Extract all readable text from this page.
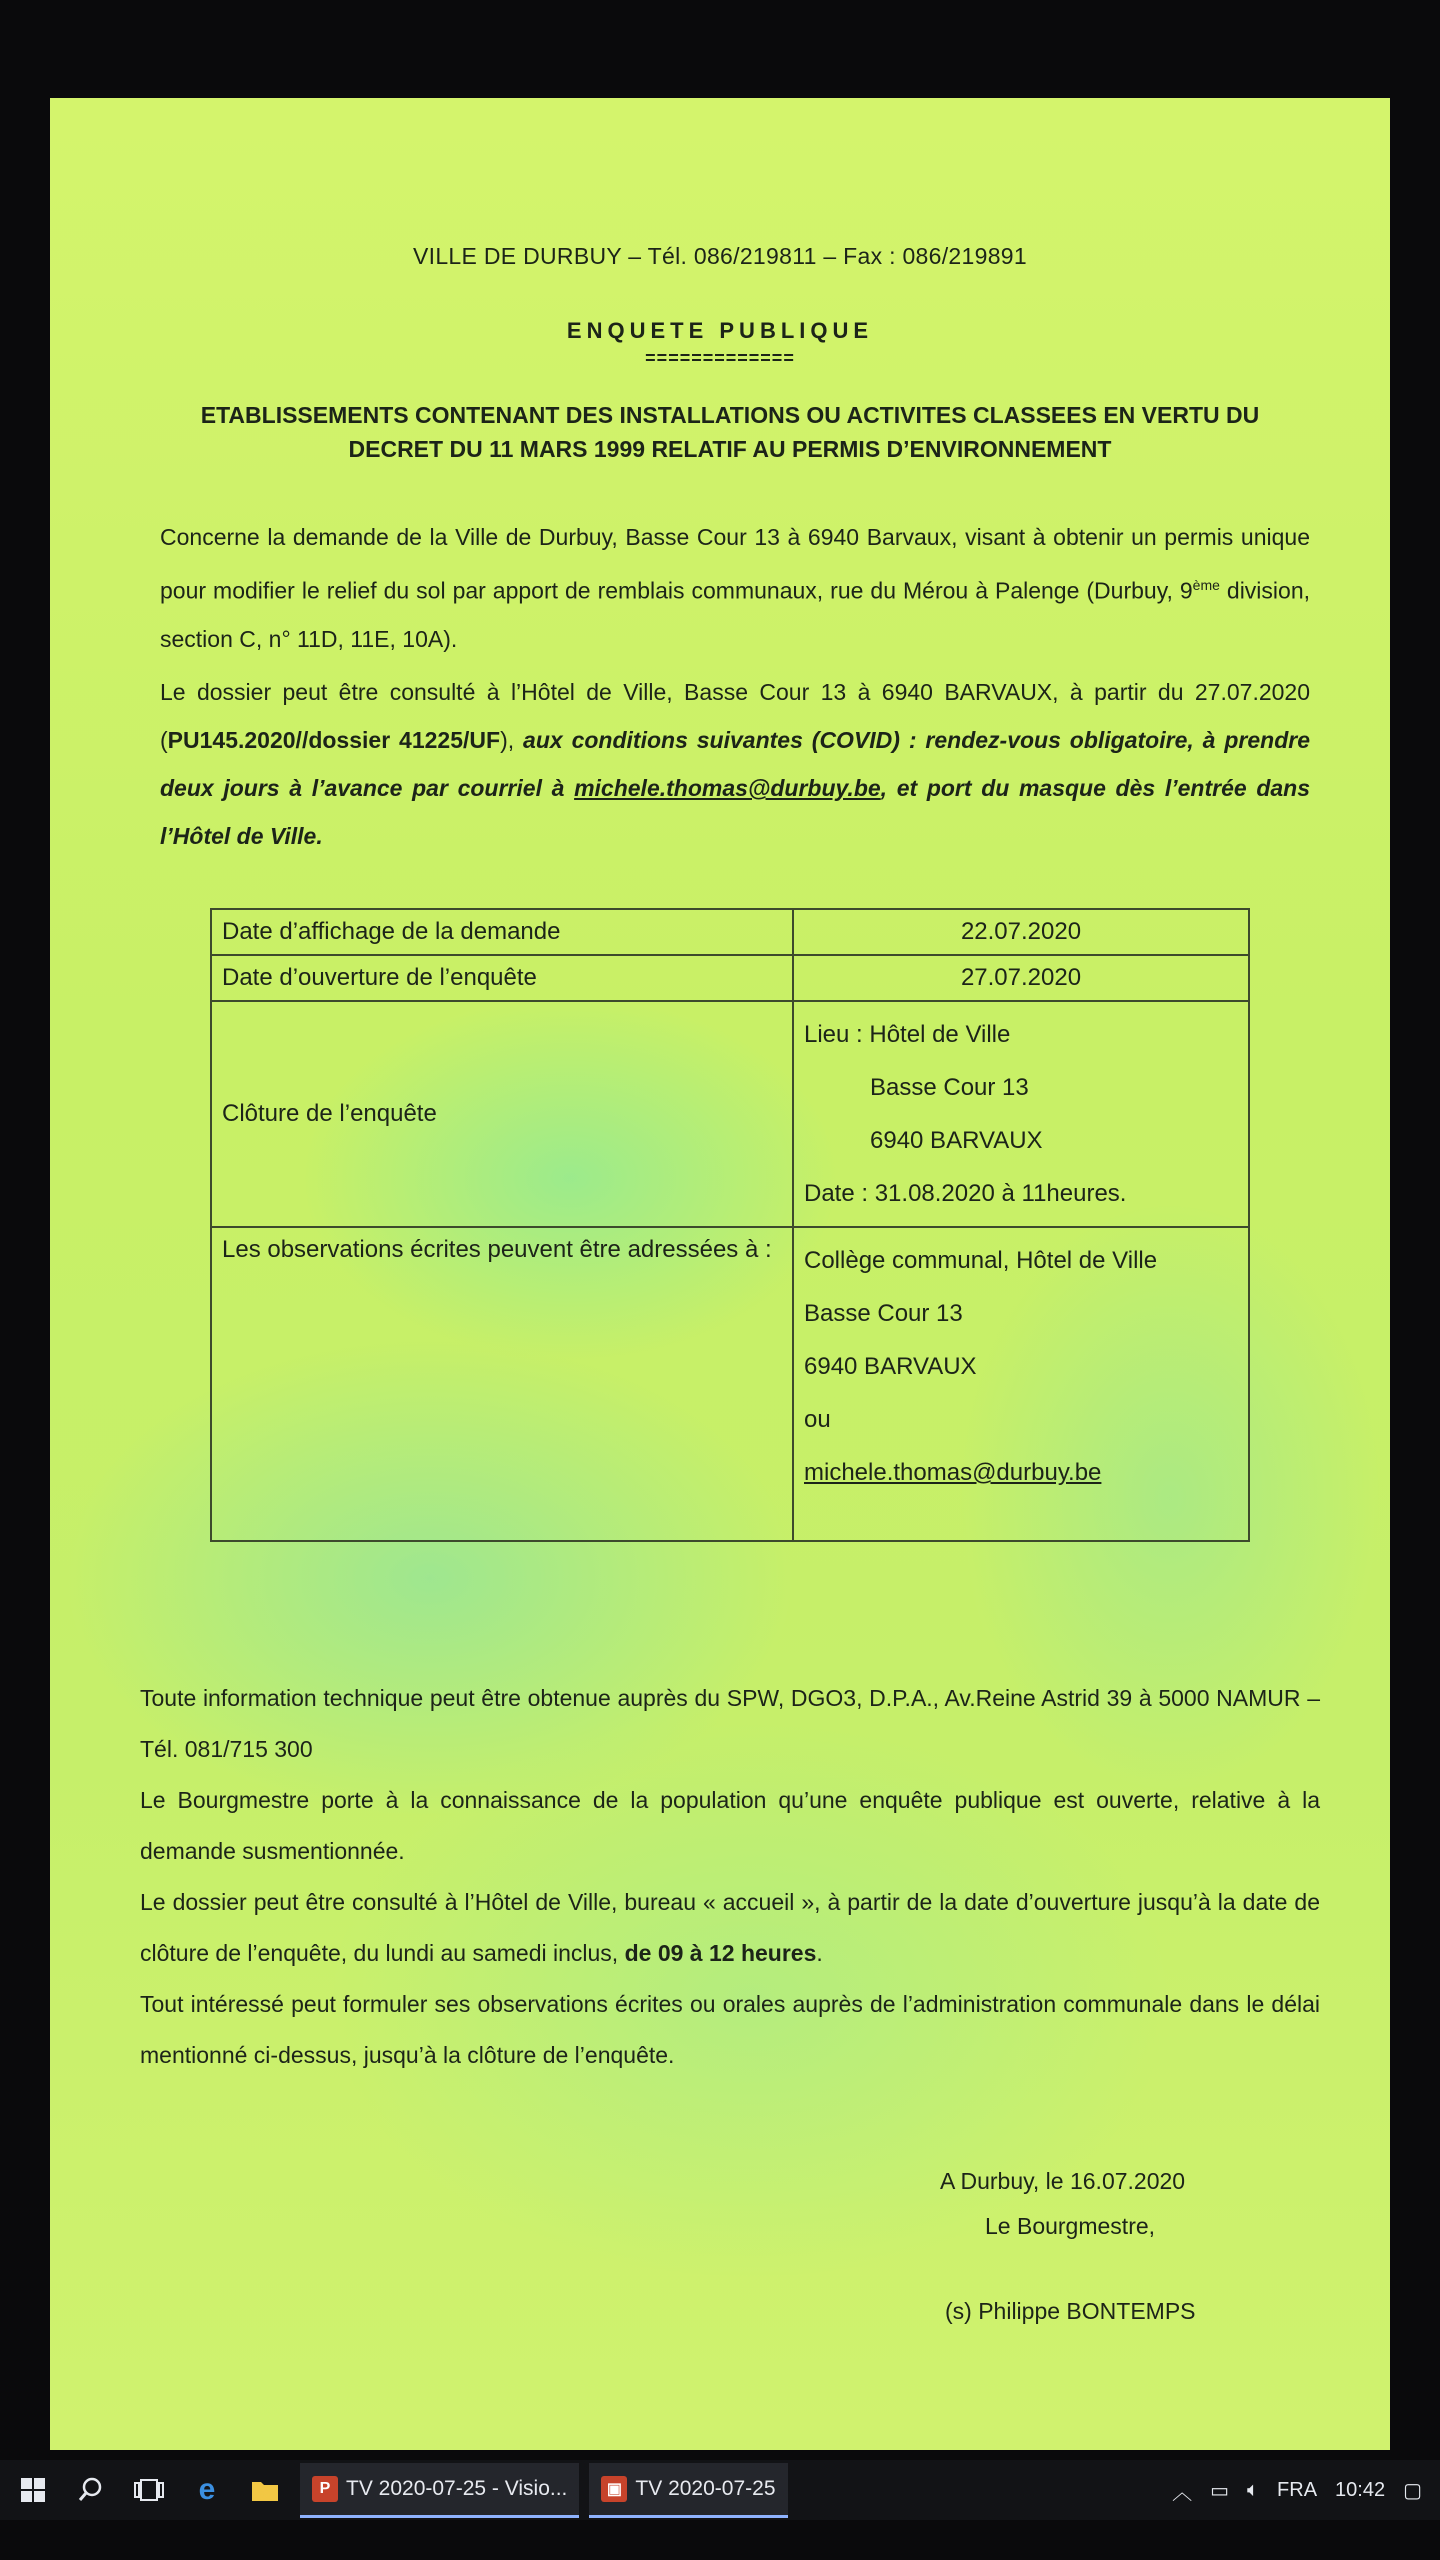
VILLE DE DURBUY – Tél. 086/219811 – Fax : 086/219891
ENQUETE PUBLIQUE
=============
ETABLISSEMENTS CONTENANT DES INSTALLATIONS OU ACTIVITES CLASSEES EN VERTU DU
DECRET DU 11 MARS 1999 RELATIF AU PERMIS D’ENVIRONNEMENT
Concerne la demande de la Ville de Durbuy, Basse Cour 13 à 6940 Barvaux, visant à obtenir un permis unique pour modifier le relief du sol par apport de remblais communaux, rue du Mérou à Palenge (Durbuy, 9ème division, section C, n° 11D, 11E, 10A).
Le dossier peut être consulté à l’Hôtel de Ville, Basse Cour 13 à 6940 BARVAUX, à partir du 27.07.2020 (PU145.2020//dossier 41225/UF), aux conditions suivantes (COVID) : rendez-vous obligatoire, à prendre deux jours à l’avance par courriel à michele.thomas@durbuy.be, et port du masque dès l’entrée dans l’Hôtel de Ville.
Date d’affichage de la demande	22.07.2020
Date d’ouverture de l’enquête	27.07.2020
Clôture de l’enquête	Lieu : Hôtel de Ville
Basse Cour 13
6940 BARVAUX
Date : 31.08.2020 à 11heures.

Les observations écrites peuvent être adressées à :	Collège communal, Hôtel de Ville
Basse Cour 13
6940 BARVAUX
ou
michele.thomas@durbuy.be
Toute information technique peut être obtenue auprès du SPW, DGO3, D.P.A., Av.Reine Astrid 39 à 5000 NAMUR – Tél. 081/715 300
Le Bourgmestre porte à la connaissance de la population qu’une enquête publique est ouverte, relative à la demande susmentionnée.
Le dossier peut être consulté à l’Hôtel de Ville, bureau « accueil », à partir de la date d’ouverture jusqu’à la date de clôture de l’enquête, du lundi au samedi inclus, de 09 à 12 heures.
Tout intéressé peut formuler ses observations écrites ou orales auprès de l’administration communale dans le délai mentionné ci-dessus, jusqu’à la clôture de l’enquête.
A Durbuy, le 16.07.2020
Le Bourgmestre,
(s) Philippe BONTEMPS
e	P TV 2020-07-25 - Visio...	▣ TV 2020-07-25	︿ ▭ 🔈︎ FRA 10:42 ▢
